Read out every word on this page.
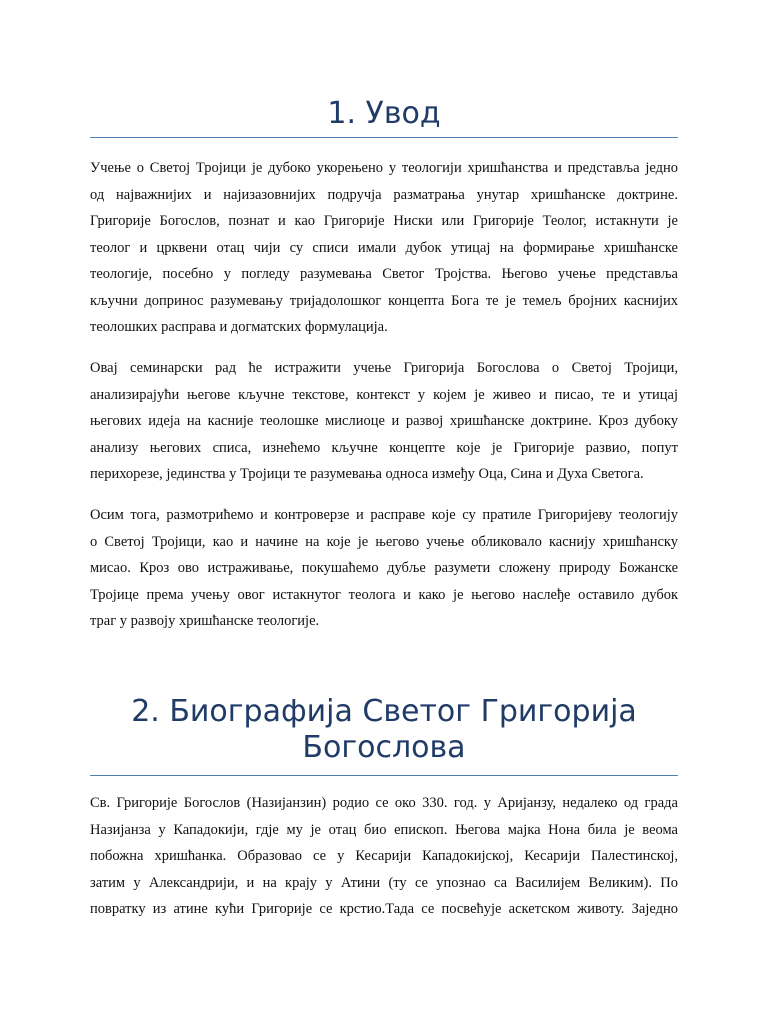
1. Увод

Учење о Светој Тројици је дубоко укорењено у теологији хришћанства и представља једно
од најважнијих и најизазовнијих подручја разматрања унутар хришћанске доктрине.
Григорије Богослов, познат и као Григорије Ниски или Григорије Теолог, истакнути је
теолог и црквени отац чији су списи имали дубок утицај на формирање хришћанске
теологије, посебно у погледу разумевања Светог Тројства. Његово учење представља
кључни допринос разумевању тријадолошког концепта Бога те је темељ бројних каснијих
теолошких расправа и догматских формулација.

Овај семинарски рад ће истражити учење Григорија Богослова о Светој Тројици,
анализирајући његове кључне текстове, контекст у којем је живео и писао, те и утицај
његових идеја на касније теолошке мислиоце и развој хришћанске доктрине. Кроз дубоку
анализу његових списа, изнећемо кључне концепте које је Григорије развио, попут
перихорезе, јединства у Тројици те разумевања односа између Оца, Сина и Духа Светога.

Осим тога, размотрићемо и контроверзе и расправе које су пратиле Григоријеву теологију
о Светој Тројици, као и начине на које је његово учење обликовало каснију хришћанску
мисао. Кроз ово истраживање, покушаћемо дубље разумети сложену природу Божанске
Тројице према учењу овог истакнутог теолога и како је његово наслеђе оставило дубок
траг у развоју хришћанске теологије.

2. Биографија Светог Григорија
Богослова

Св. Григорије Богослов (Назијанзин) родио се око 330. год. у Аријанзу, недалеко од града
Назијанза у Кападокији, гдје му је отац био епископ. Његова мајка Нона била је веома
побожна хришћанка. Образовао се у Кесарији Кападокијској, Кесарији Палестинској,
затим у Александрији, и на крају у Атини (ту се упознао са Василијем Великим). По
повратку из атине кући Григорије се крстио.Тада се посвећује аскетском животу. Заједно
